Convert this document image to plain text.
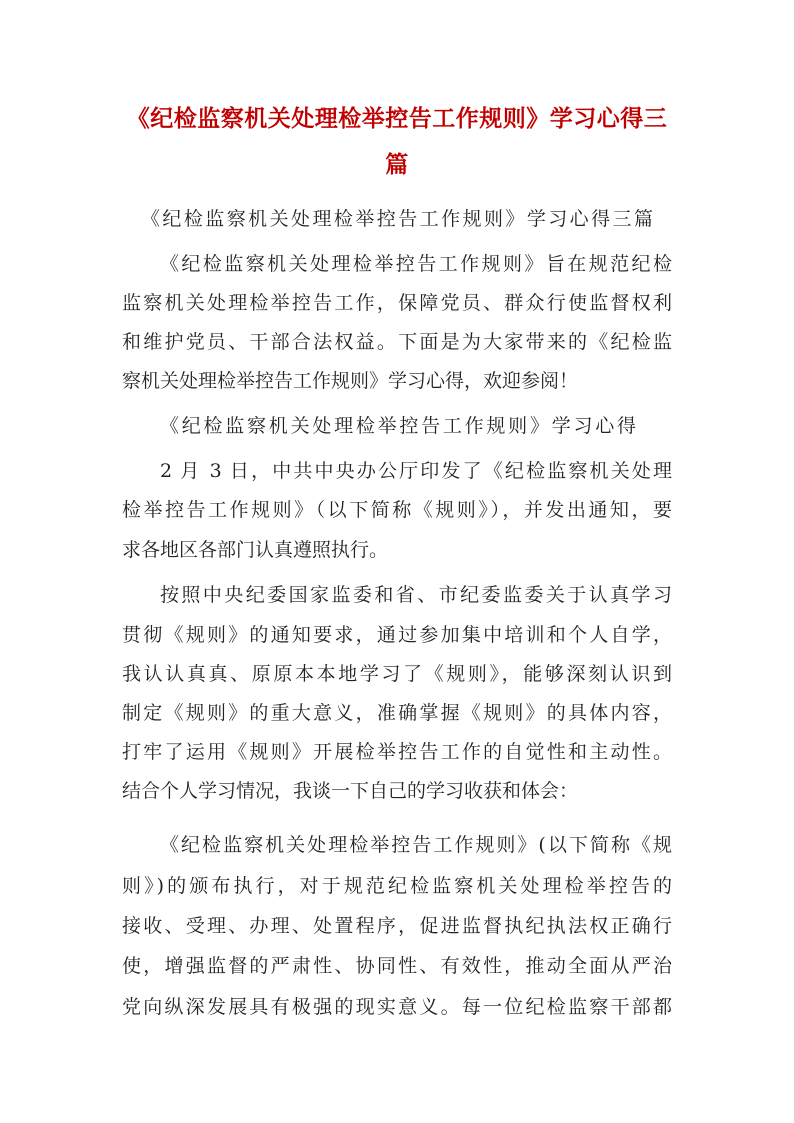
《纪检监察机关处理检举控告工作规则》学习心得三
篇
《纪检监察机关处理检举控告工作规则》学习心得三篇
《纪检监察机关处理检举控告工作规则》旨在规范纪检
监察机关处理检举控告工作，保障党员、群众行使监督权利
和维护党员、干部合法权益。下面是为大家带来的《纪检监
察机关处理检举控告工作规则》学习心得，欢迎参阅！
《纪检监察机关处理检举控告工作规则》学习心得
2 月 3 日，中共中央办公厅印发了《纪检监察机关处理
检举控告工作规则》（以下简称《规则》），并发出通知，要
求各地区各部门认真遵照执行。
按照中央纪委国家监委和省、市纪委监委关于认真学习
贯彻《规则》的通知要求，通过参加集中培训和个人自学，
我认认真真、原原本本地学习了《规则》，能够深刻认识到
制定《规则》的重大意义，准确掌握《规则》的具体内容，
打牢了运用《规则》开展检举控告工作的自觉性和主动性。
结合个人学习情况，我谈一下自己的学习收获和体会：
《纪检监察机关处理检举控告工作规则》(以下简称《规
则》)的颁布执行，对于规范纪检监察机关处理检举控告的
接收、受理、办理、处置程序，促进监督执纪执法权正确行
使，增强监督的严肃性、协同性、有效性，推动全面从严治
党向纵深发展具有极强的现实意义。每一位纪检监察干部都
